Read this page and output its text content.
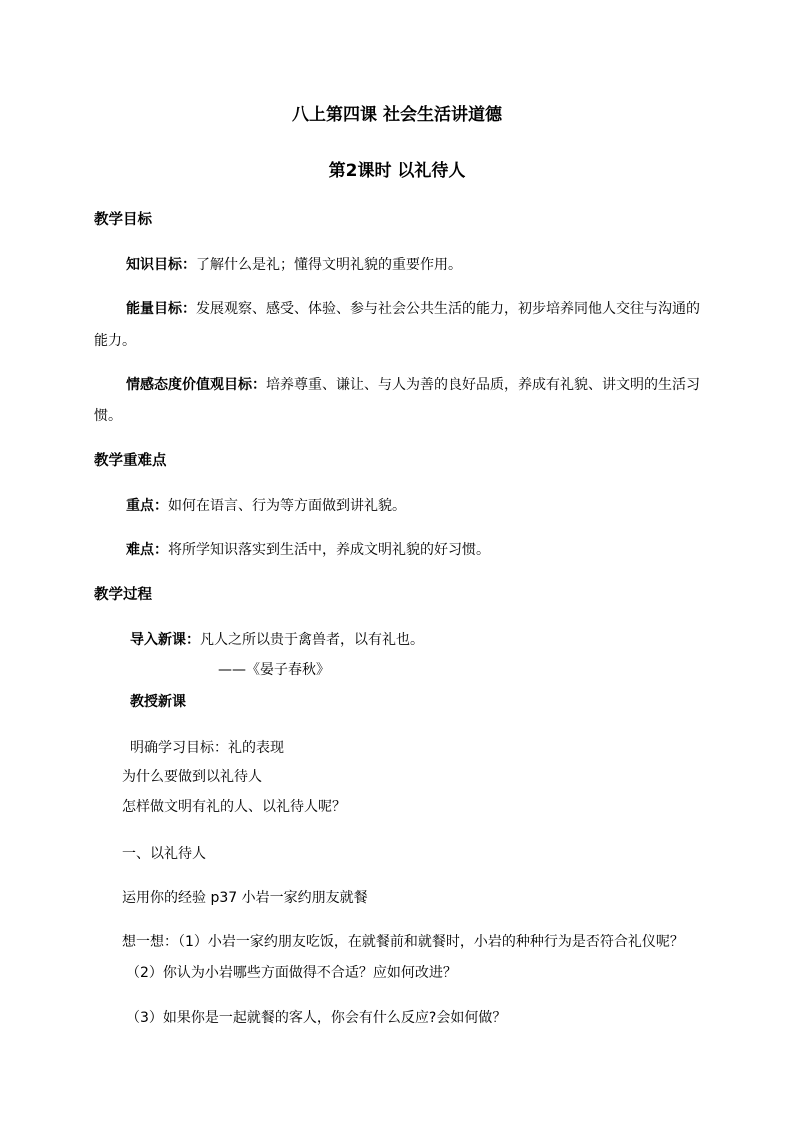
八上第四课 社会生活讲道德
第2课时 以礼待人
教学目标
知识目标：了解什么是礼；懂得文明礼貌的重要作用。
能量目标：发展观察、感受、体验、参与社会公共生活的能力，初步培养同他人交往与沟通的
能力。
情感态度价值观目标：培养尊重、谦让、与人为善的良好品质，养成有礼貌、讲文明的生活习
惯。
教学重难点
重点：如何在语言、行为等方面做到讲礼貌。
难点：将所学知识落实到生活中，养成文明礼貌的好习惯。
教学过程
导入新课：凡人之所以贵于禽兽者，以有礼也。
——《晏子春秋》
教授新课
明确学习目标：礼的表现
为什么要做到以礼待人
怎样做文明有礼的人、以礼待人呢？
一、以礼待人
运用你的经验 p37 小岩一家约朋友就餐
想一想：（1）小岩一家约朋友吃饭，在就餐前和就餐时，小岩的种种行为是否符合礼仪呢？
（2）你认为小岩哪些方面做得不合适？应如何改进？
（3）如果你是一起就餐的客人，你会有什么反应?会如何做？
